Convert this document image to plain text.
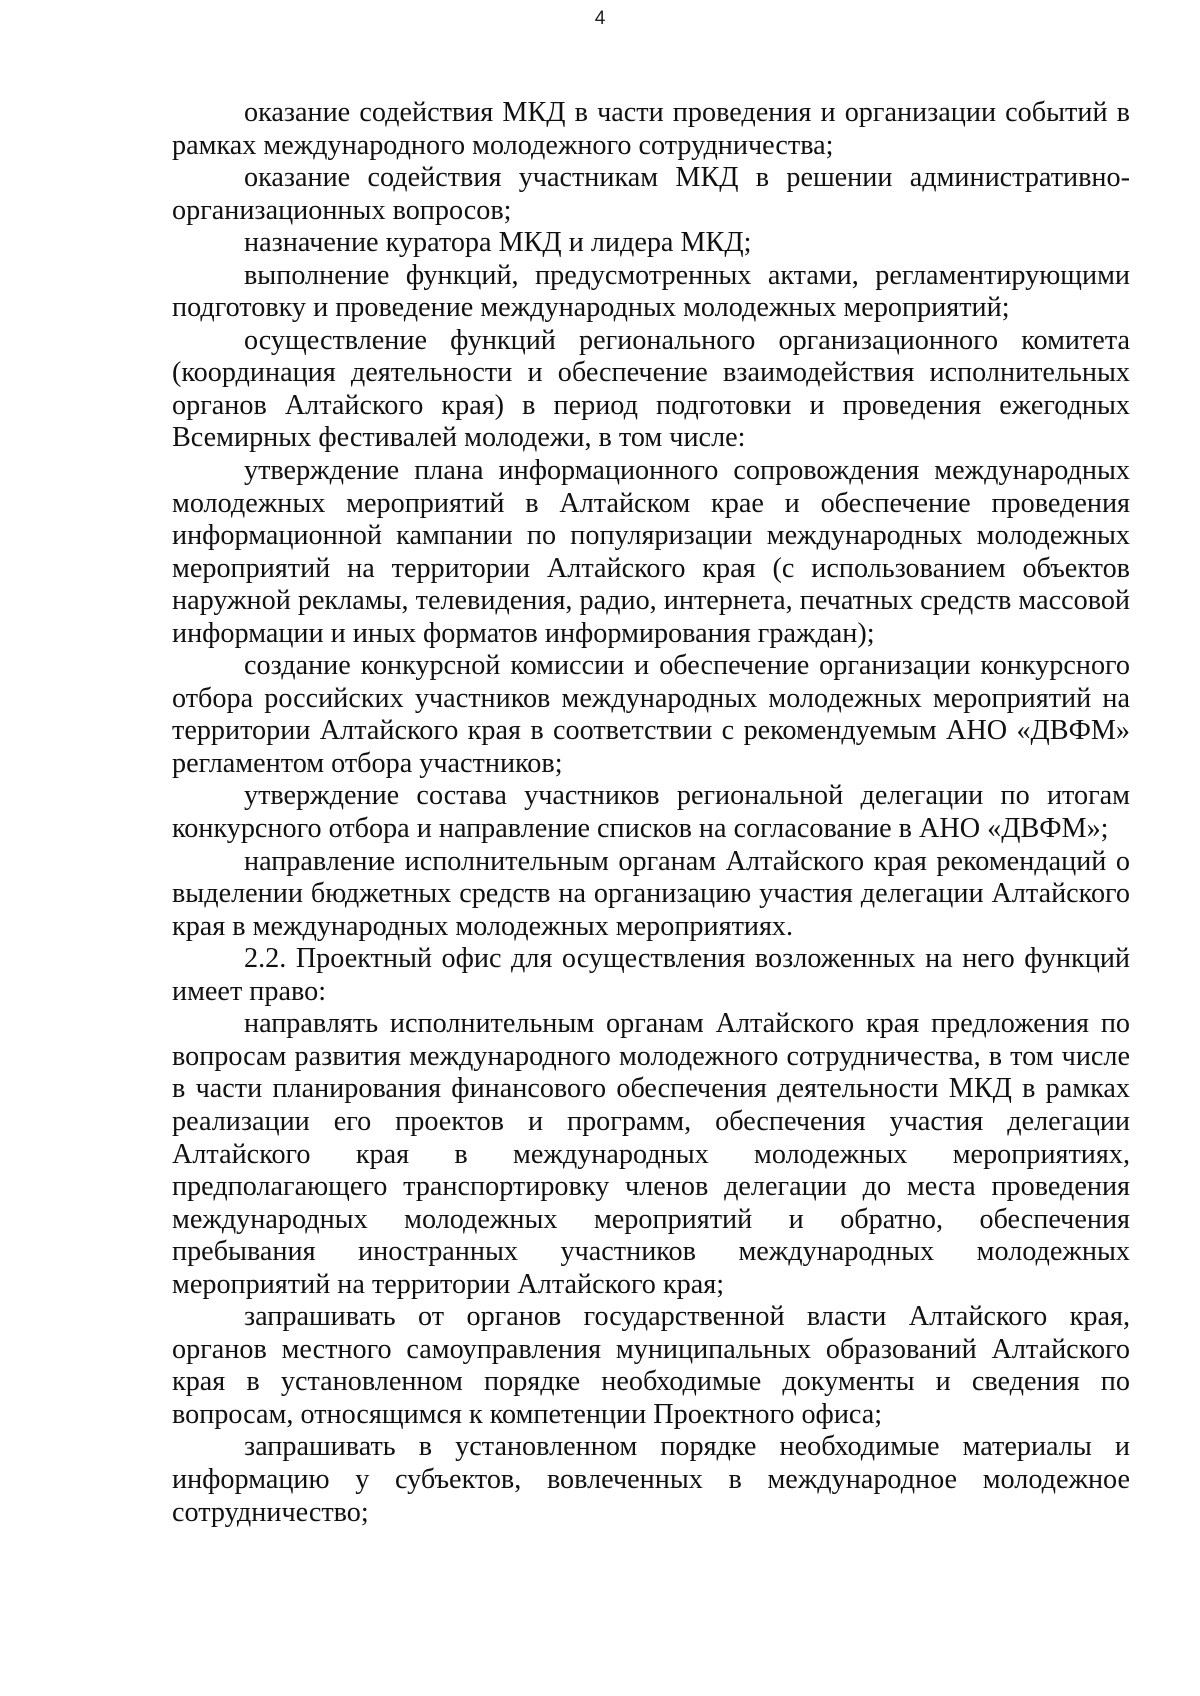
4

оказание содействия МКД в части проведения и организации событий в рамках международного молодежного сотрудничества;

оказание содействия участникам МКД в решении административно-организационных вопросов;

назначение куратора МКД и лидера МКД;

выполнение функций, предусмотренных актами, регламентирующими подготовку и проведение международных молодежных мероприятий;

осуществление функций регионального организационного комитета (координация деятельности и обеспечение взаимодействия исполнительных органов Алтайского края) в период подготовки и проведения ежегодных Всемирных фестивалей молодежи, в том числе:

утверждение плана информационного сопровождения международных молодежных мероприятий в Алтайском крае и обеспечение проведения информационной кампании по популяризации международных молодежных мероприятий на территории Алтайского края (с использованием объектов наружной рекламы, телевидения, радио, интернета, печатных средств массовой информации и иных форматов информирования граждан);

создание конкурсной комиссии и обеспечение организации конкурсного отбора российских участников международных молодежных мероприятий на территории Алтайского края в соответствии с рекомендуемым АНО «ДВФМ» регламентом отбора участников;

утверждение состава участников региональной делегации по итогам конкурсного отбора и направление списков на согласование в АНО «ДВФМ»;

направление исполнительным органам Алтайского края рекомендаций о выделении бюджетных средств на организацию участия делегации Алтайского края в международных молодежных мероприятиях.

2.2. Проектный офис для осуществления возложенных на него функций имеет право:

направлять исполнительным органам Алтайского края предложения по вопросам развития международного молодежного сотрудничества, в том числе в части планирования финансового обеспечения деятельности МКД в рамках реализации его проектов и программ, обеспечения участия делегации Алтайского края в международных молодежных мероприятиях, предполагающего транспортировку членов делегации до места проведения международных молодежных мероприятий и обратно, обеспечения пребывания иностранных участников международных молодежных мероприятий на территории Алтайского края;

запрашивать от органов государственной власти Алтайского края, органов местного самоуправления муниципальных образований Алтайского края в установленном порядке необходимые документы и сведения по вопросам, относящимся к компетенции Проектного офиса;

запрашивать в установленном порядке необходимые материалы и информацию у субъектов, вовлеченных в международное молодежное сотрудничество;
